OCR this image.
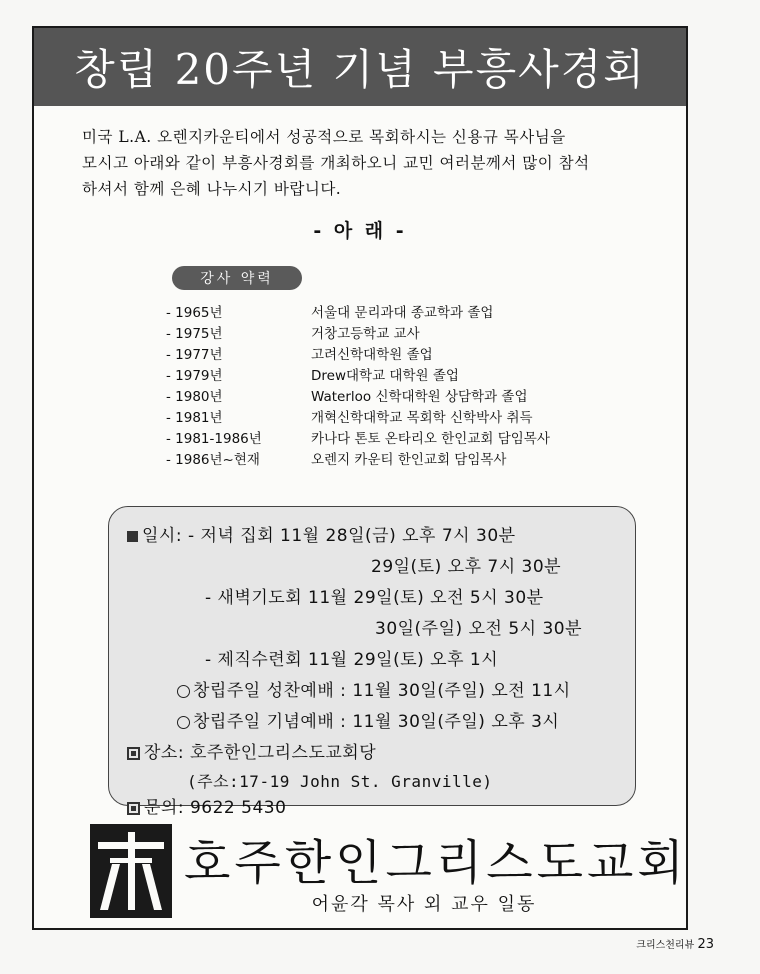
창립 20주년 기념 부흥사경회
미국 L.A. 오렌지카운티에서 성공적으로 목회하시는 신용규 목사님을
모시고 아래와 같이 부흥사경회를 개최하오니 교민 여러분께서 많이 참석
하셔서 함께 은혜 나누시기 바랍니다.
- 아 래 -
강사 약력
- 1965년	서울대 문리과대 종교학과 졸업
- 1975년	거창고등학교 교사
- 1977년	고려신학대학원 졸업
- 1979년	Drew대학교 대학원 졸업
- 1980년	Waterloo 신학대학원 상담학과 졸업
- 1981년	개혁신학대학교 목회학 신학박사 취득
- 1981-1986년	카나다 톤토 온타리오 한인교회 담임목사
- 1986년~현재	오렌지 카운티 한인교회 담임목사
일시: - 저녁 집회 11월 28일(금) 오후 7시 30분
29일(토) 오후 7시 30분
- 새벽기도회 11월 29일(토) 오전 5시 30분
30일(주일) 오전 5시 30분
- 제직수련회 11월 29일(토) 오후 1시
창립주일 성찬예배 : 11월 30일(주일) 오전 11시
창립주일 기념예배 : 11월 30일(주일) 오후 3시
장소: 호주한인그리스도교회당
(주소:17-19 John St. Granville)
문의: 9622 5430
호주한인그리스도교회
어윤각 목사 외 교우 일동
크리스천리뷰 23
